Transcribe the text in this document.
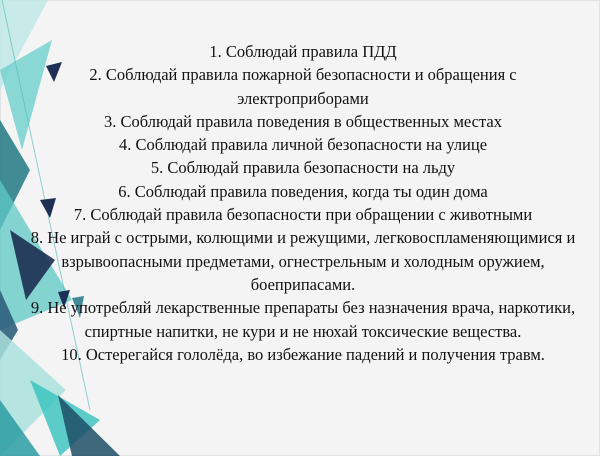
1. Соблюдай правила ПДД
2. Соблюдай правила пожарной безопасности и обращения с электроприборами
3. Соблюдай правила поведения в общественных местах
4. Соблюдай правила личной безопасности на улице
5. Соблюдай правила безопасности на льду
6. Соблюдай правила поведения, когда ты один дома
7. Соблюдай правила безопасности при обращении с животными
8. Не играй с острыми, колющими и режущими, легковоспламеняющимися и взрывоопасными предметами, огнестрельным и холодным оружием, боеприпасами.
9. Не употребляй лекарственные препараты без назначения врача, наркотики, спиртные напитки, не кури и не нюхай токсические вещества.
10. Остерегайся гололёда, во избежание падений и получения травм.
